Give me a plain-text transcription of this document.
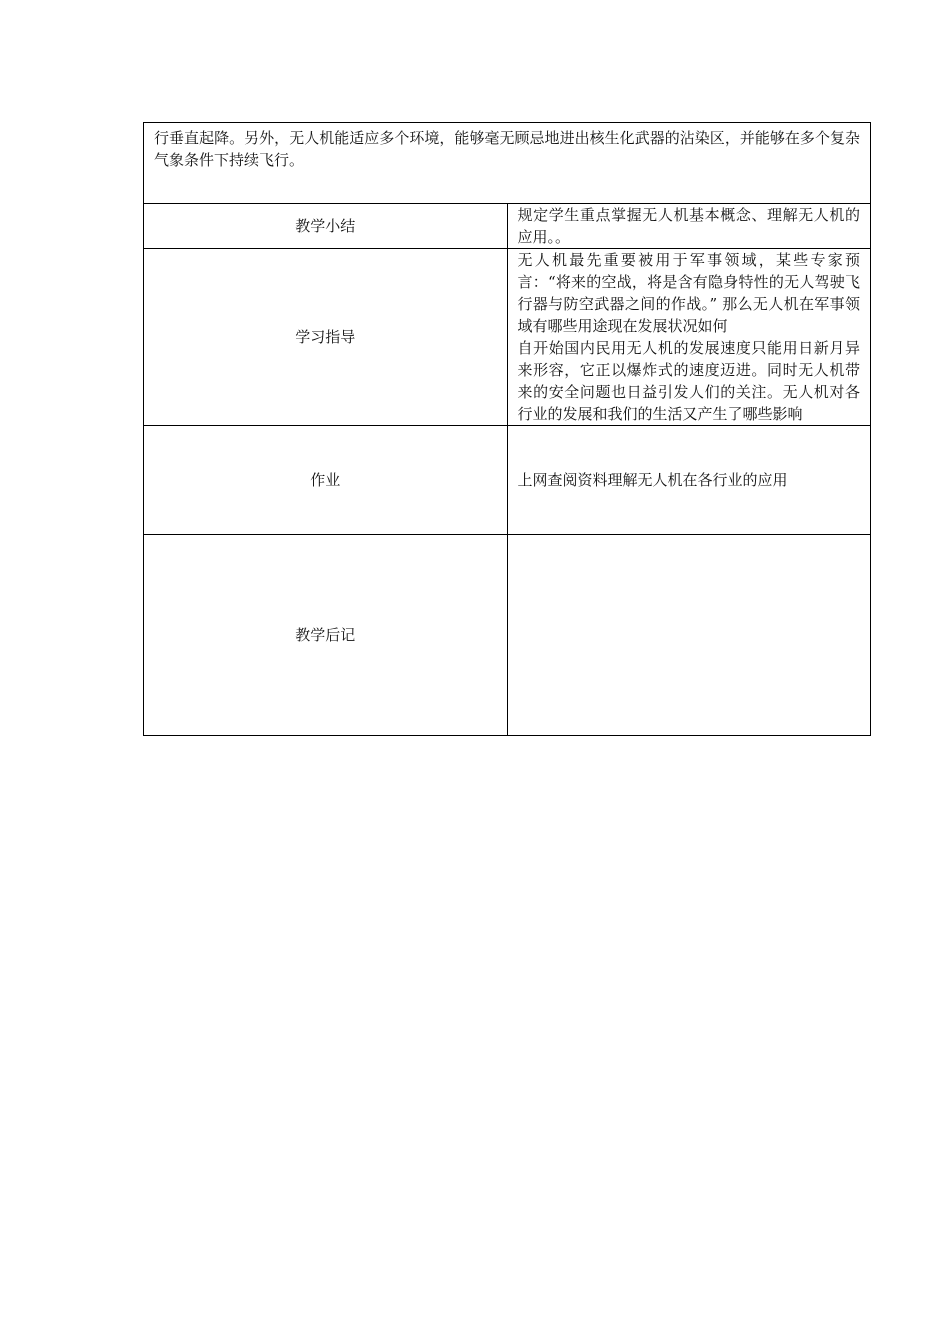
行垂直起降。另外，无人机能适应多个环境，能够毫无顾忌地进出核生化武器的沾染区，并能够在多个复杂气象条件下持续飞行。	

教学小结	规定学生重点掌握无人机基本概念、理解无人机的应用。。

学习指导	无人机最先重要被用于军事领域，某些专家预言：“将来的空战，将是含有隐身特性的无人驾驶飞行器与防空武器之间的作战。” 那么无人机在军事领域有哪些用途现在发展状况如何
自开始国内民用无人机的发展速度只能用日新月异来形容，它正以爆炸式的速度迈进。同时无人机带来的安全问题也日益引发人们的关注。无人机对各行业的发展和我们的生活又产生了哪些影响

作业	上网查阅资料理解无人机在各行业的应用

教学后记	
